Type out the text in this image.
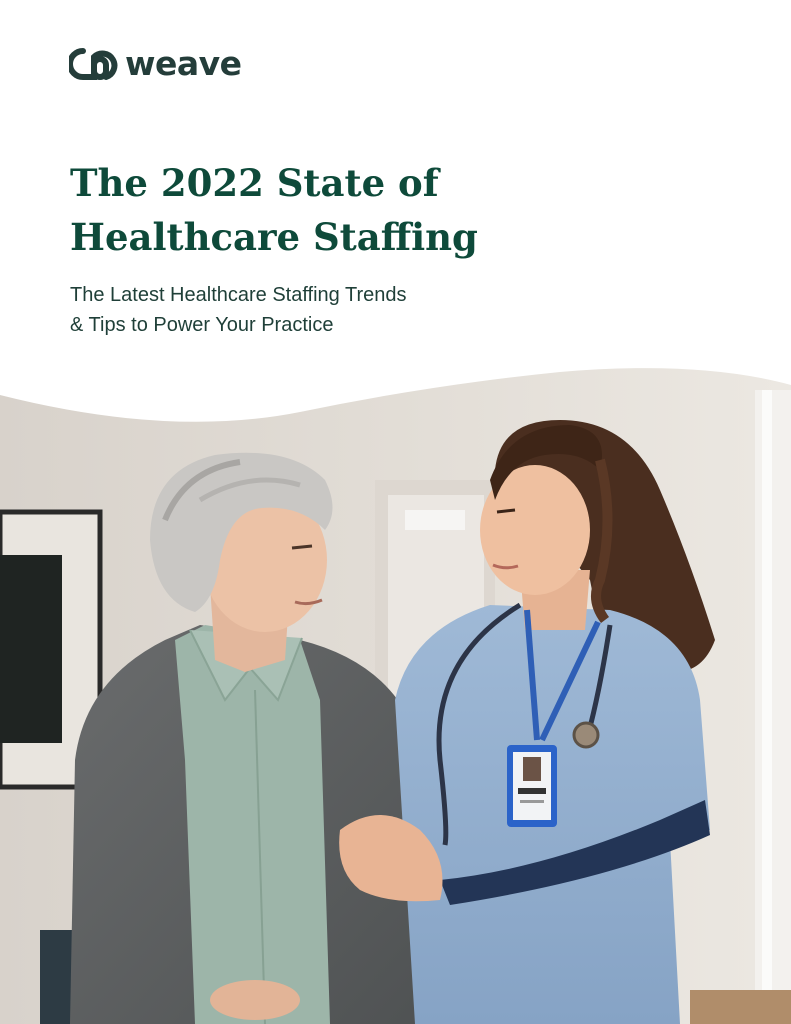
weave
The 2022 State of
Healthcare Staffing

The Latest Healthcare Staffing Trends
& Tips to Power Your Practice
